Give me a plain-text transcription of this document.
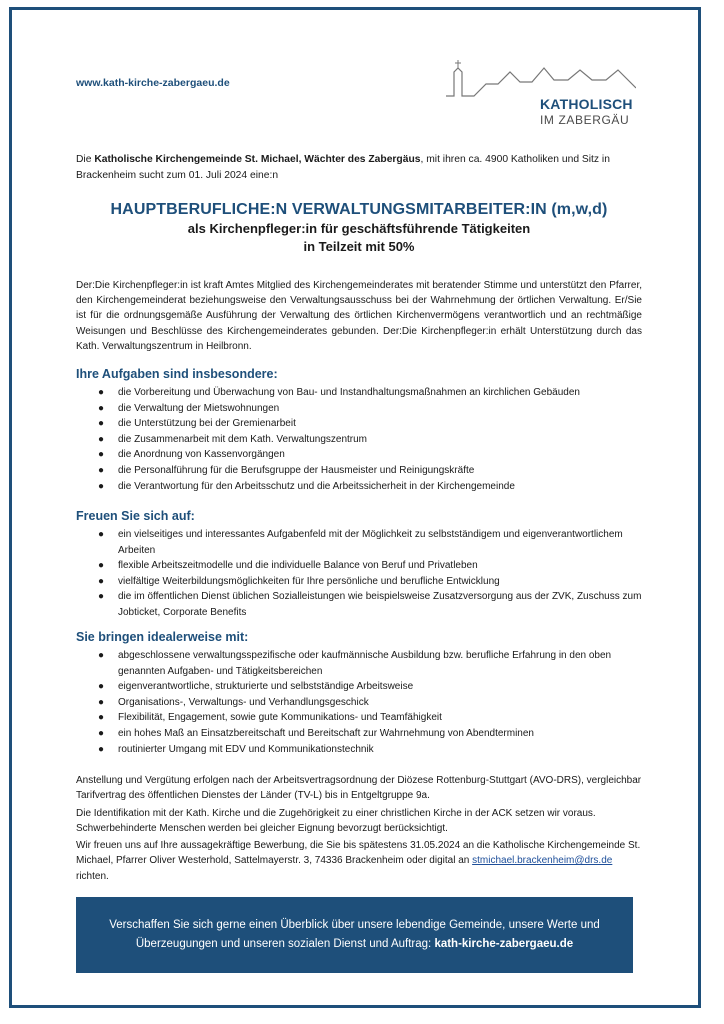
www.kath-kirche-zabergaeu.de
KATHOLISCH
IM ZABERGÄU
Die Katholische Kirchengemeinde St. Michael, Wächter des Zabergäus, mit ihren ca. 4900 Katholiken und Sitz in Brackenheim sucht zum 01. Juli 2024 eine:n
HAUPTBERUFLICHE:N VERWALTUNGSMITARBEITER:IN (m,w,d)
als Kirchenpfleger:in für geschäftsführende Tätigkeiten
in Teilzeit mit 50%
Der:Die Kirchenpfleger:in ist kraft Amtes Mitglied des Kirchengemeinderates mit beratender Stimme und unterstützt den Pfarrer, den Kirchengemeinderat beziehungsweise den Verwaltungsausschuss bei der Wahrnehmung der örtlichen Verwaltung. Er/Sie ist für die ordnungsgemäße Ausführung der Verwaltung des örtlichen Kirchenvermögens verantwortlich und an rechtmäßige Weisungen und Beschlüsse des Kirchengemeinderates gebunden. Der:Die Kirchenpfleger:in erhält Unterstützung durch das Kath. Verwaltungszentrum in Heilbronn.
Ihre Aufgaben sind insbesondere:
● die Vorbereitung und Überwachung von Bau- und Instandhaltungsmaßnahmen an kirchlichen Gebäuden
● die Verwaltung der Mietswohnungen
● die Unterstützung bei der Gremienarbeit
● die Zusammenarbeit mit dem Kath. Verwaltungszentrum
● die Anordnung von Kassenvorgängen
● die Personalführung für die Berufsgruppe der Hausmeister und Reinigungskräfte
● die Verantwortung für den Arbeitsschutz und die Arbeitssicherheit in der Kirchengemeinde
Freuen Sie sich auf:
● ein vielseitiges und interessantes Aufgabenfeld mit der Möglichkeit zu selbstständigem und eigenverantwortlichem Arbeiten
● flexible Arbeitszeitmodelle und die individuelle Balance von Beruf und Privatleben
● vielfältige Weiterbildungsmöglichkeiten für Ihre persönliche und berufliche Entwicklung
● die im öffentlichen Dienst üblichen Sozialleistungen wie beispielsweise Zusatzversorgung aus der ZVK, Zuschuss zum Jobticket, Corporate Benefits
Sie bringen idealerweise mit:
● abgeschlossene verwaltungsspezifische oder kaufmännische Ausbildung bzw. berufliche Erfahrung in den oben genannten Aufgaben- und Tätigkeitsbereichen
● eigenverantwortliche, strukturierte und selbstständige Arbeitsweise
● Organisations-, Verwaltungs- und Verhandlungsgeschick
● Flexibilität, Engagement, sowie gute Kommunikations- und Teamfähigkeit
● ein hohes Maß an Einsatzbereitschaft und Bereitschaft zur Wahrnehmung von Abendterminen
● routinierter Umgang mit EDV und Kommunikationstechnik
Anstellung und Vergütung erfolgen nach der Arbeitsvertragsordnung der Diözese Rottenburg-Stuttgart (AVO-DRS), vergleichbar Tarifvertrag des öffentlichen Dienstes der Länder (TV-L) bis in Entgeltgruppe 9a.
Die Identifikation mit der Kath. Kirche und die Zugehörigkeit zu einer christlichen Kirche in der ACK setzen wir voraus. Schwerbehinderte Menschen werden bei gleicher Eignung bevorzugt berücksichtigt.
Wir freuen uns auf Ihre aussagekräftige Bewerbung, die Sie bis spätestens 31.05.2024 an die Katholische Kirchengemeinde St. Michael, Pfarrer Oliver Westerhold, Sattelmayerstr. 3, 74336 Brackenheim oder digital an stmichael.brackenheim@drs.de richten.
Verschaffen Sie sich gerne einen Überblick über unsere lebendige Gemeinde, unsere Werte und Überzeugungen und unseren sozialen Dienst und Auftrag: kath-kirche-zabergaeu.de
